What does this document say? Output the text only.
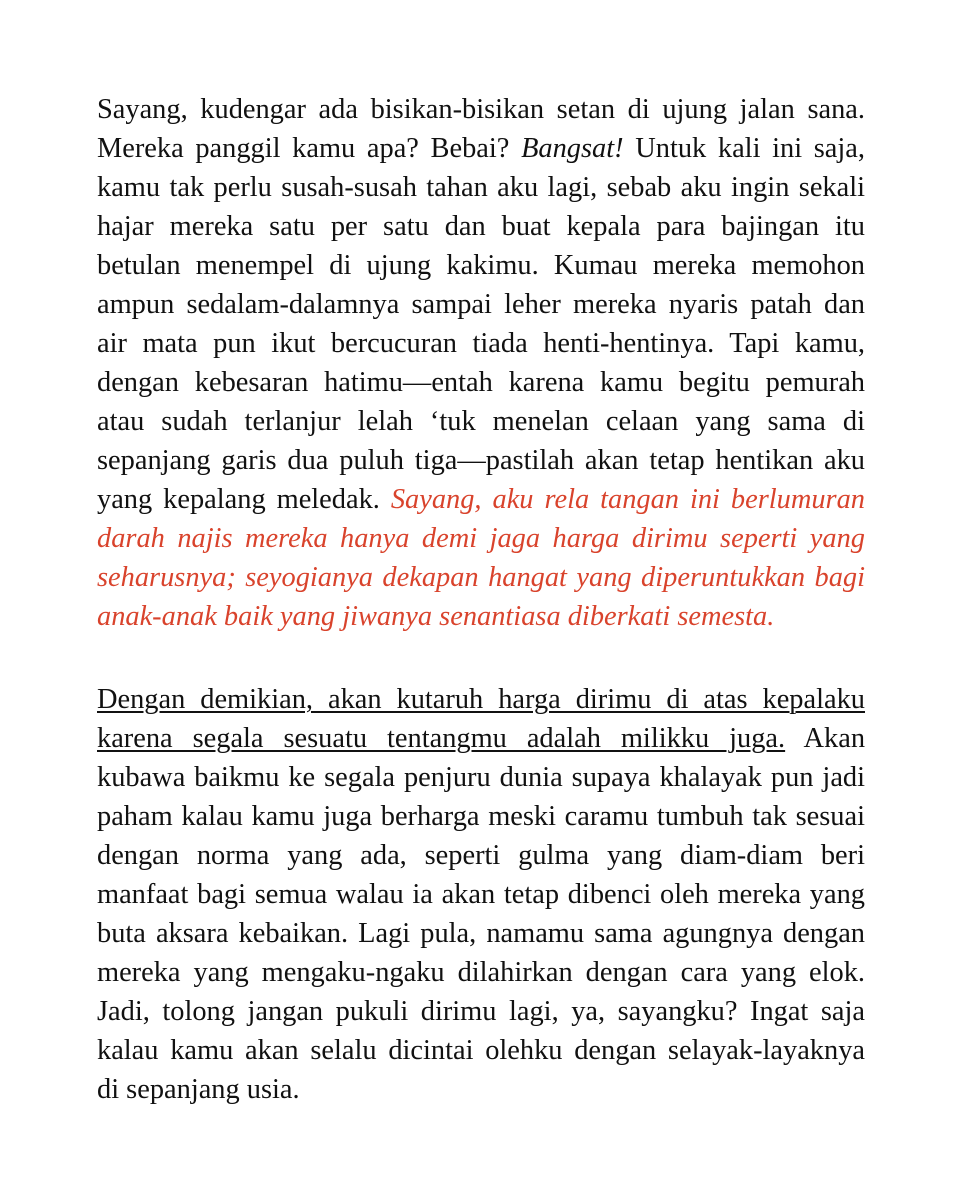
Sayang, kudengar ada bisikan-bisikan setan di ujung jalan sana.
Mereka panggil kamu apa? Bebai? Bangsat! Untuk kali ini saja,
kamu tak perlu susah-susah tahan aku lagi, sebab aku ingin sekali
hajar mereka satu per satu dan buat kepala para bajingan itu
betulan menempel di ujung kakimu. Kumau mereka memohon
ampun sedalam-dalamnya sampai leher mereka nyaris patah dan
air mata pun ikut bercucuran tiada henti-hentinya. Tapi kamu,
dengan kebesaran hatimu—entah karena kamu begitu pemurah
atau sudah terlanjur lelah ‘tuk menelan celaan yang sama di
sepanjang garis dua puluh tiga—pastilah akan tetap hentikan aku
yang kepalang meledak. Sayang, aku rela tangan ini berlumuran
darah najis mereka hanya demi jaga harga dirimu seperti yang
seharusnya; seyogianya dekapan hangat yang diperuntukkan bagi
anak-anak baik yang jiwanya senantiasa diberkati semesta.
Dengan demikian, akan kutaruh harga dirimu di atas kepalaku
karena segala sesuatu tentangmu adalah milikku juga. Akan
kubawa baikmu ke segala penjuru dunia supaya khalayak pun jadi
paham kalau kamu juga berharga meski caramu tumbuh tak sesuai
dengan norma yang ada, seperti gulma yang diam-diam beri
manfaat bagi semua walau ia akan tetap dibenci oleh mereka yang
buta aksara kebaikan. Lagi pula, namamu sama agungnya dengan
mereka yang mengaku-ngaku dilahirkan dengan cara yang elok.
Jadi, tolong jangan pukuli dirimu lagi, ya, sayangku? Ingat saja
kalau kamu akan selalu dicintai olehku dengan selayak-layaknya
di sepanjang usia.
